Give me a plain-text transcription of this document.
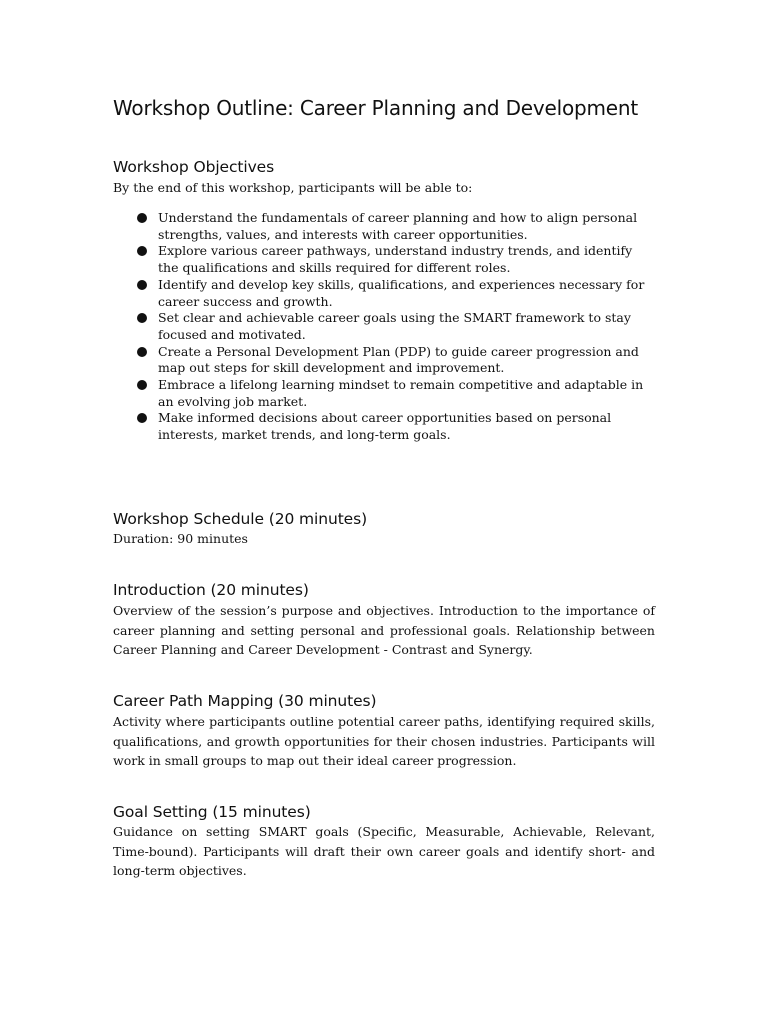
Workshop Outline: Career Planning and Development
Workshop Objectives

By the end of this workshop, participants will be able to:

Understand the fundamentals of career planning and how to align personal strengths, values, and interests with career opportunities.
Explore various career pathways, understand industry trends, and identify the qualifications and skills required for different roles.
Identify and develop key skills, qualifications, and experiences necessary for career success and growth.
Set clear and achievable career goals using the SMART framework to stay focused and motivated.
Create a Personal Development Plan (PDP) to guide career progression and map out steps for skill development and improvement.
Embrace a lifelong learning mindset to remain competitive and adaptable in an evolving job market.
Make informed decisions about career opportunities based on personal interests, market trends, and long-term goals.
Workshop Schedule (20 minutes)

Duration: 90 minutes

Introduction (20 minutes)

Overview of the session’s purpose and objectives. Introduction to the importance of career planning and setting personal and professional goals. Relationship between Career Planning and Career Development - Contrast and Synergy.

Career Path Mapping (30 minutes)

Activity where participants outline potential career paths, identifying required skills, qualifications, and growth opportunities for their chosen industries. Participants will work in small groups to map out their ideal career progression.

Goal Setting (15 minutes)

Guidance on setting SMART goals (Specific, Measurable, Achievable, Relevant, Time-bound). Participants will draft their own career goals and identify short- and long-term objectives.
